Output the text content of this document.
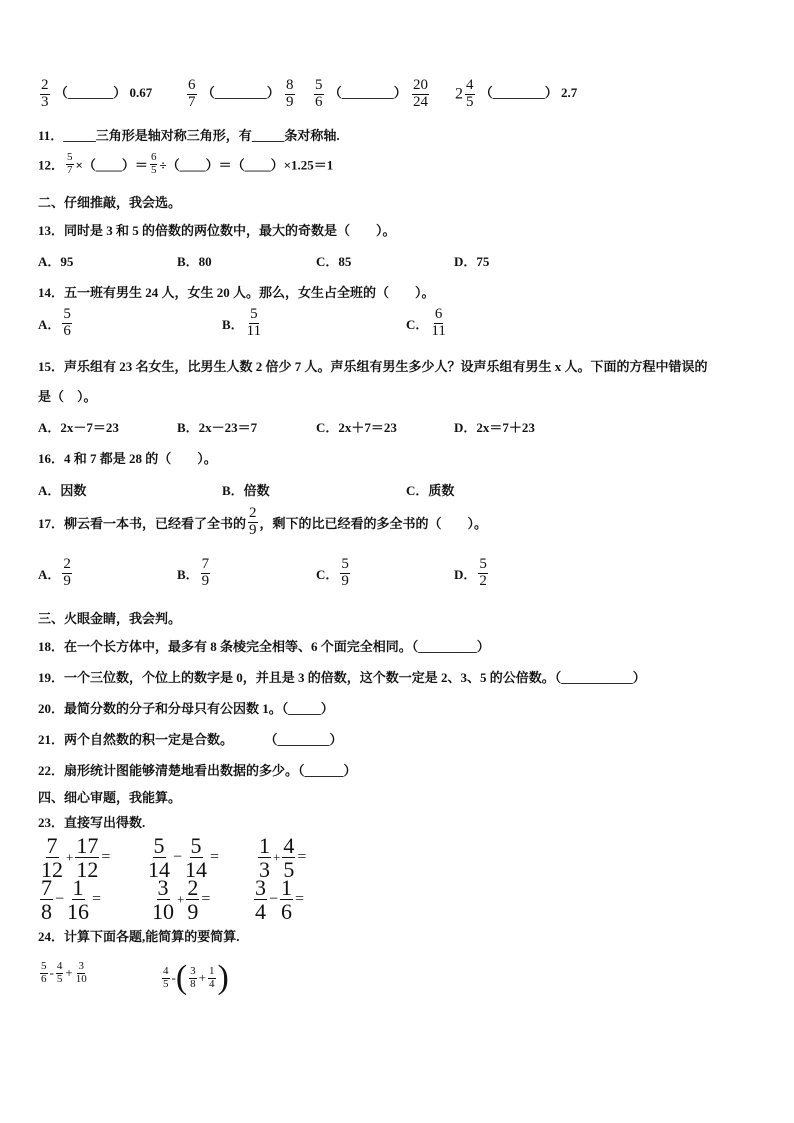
$\frac{2}{3}$ （_______） $0.67 \frac{6}{7}$ （________） $\frac{8}{9} \frac{5}{6}$ （________） $\frac{20}{24} 2 \frac{4}{5}$ （________） 2.7
11．_____三角形是轴对称三角形，有_____条对称轴.
12． $\frac{5}{7}$ ×（____）＝ $\frac{6}{5}$ ÷（____）＝（____）×1.25＝1
二、仔细推敲，我会选。
13．同时是 3 和 5 的倍数的两位数中，最大的奇数是（　　）。
A．95	B．80	C．85	D．75
14．五一班有男生 24 人，女生 20 人。那么，女生占全班的（　　）。
A． $\frac{5}{6}$	B． $\frac{5}{11}$	C． $\frac{6}{11}$
15．声乐组有 23 名女生，比男生人数 2 倍少 7 人。声乐组有男生多少人？设声乐组有男生 x 人。下面的方程中错误的
是（　）。
A．2x－7＝23	B．2x－23＝7	C．2x＋7＝23	D．2x＝7＋23
16．4 和 7 都是 28 的（　　）。
A．因数	B．倍数	C．质数
17．柳云看一本书，已经看了全书的 $\frac{2}{9}$ ，剩下的比已经看的多全书的（　　）。
A． $\frac{2}{9}$	B． $\frac{7}{9}$	C． $\frac{5}{9}$	D． $\frac{5}{2}$
三、火眼金睛，我会判。
18．在一个长方体中，最多有 8 条棱完全相等、6 个面完全相同。（_________）
19．一个三位数，个位上的数字是 0，并且是 3 的倍数，这个数一定是 2、3、5 的公倍数。（___________）
20．最简分数的分子和分母只有公因数 1。（_____）
21．两个自然数的积一定是合数。	（________）
22．扇形统计图能够清楚地看出数据的多少。（______）
四、细心审题，我能算。
23．直接写出得数.
$\frac{7}{12} + \frac{17}{12} = \frac{5}{14} - \frac{5}{14} = \frac{1}{3} + \frac{4}{5}$ =
$\frac{7}{8} - \frac{1}{16} = \frac{3}{10} + \frac{2}{9} = \frac{3}{4} - \frac{1}{6}$ =
24．计算下面各题,能简算的要简算.
$\frac{5}{6} - \frac{4}{5} + \frac{3}{10}$	$\frac{4}{5}$ -( $\frac{3}{8} + \frac{1}{4}$ )
